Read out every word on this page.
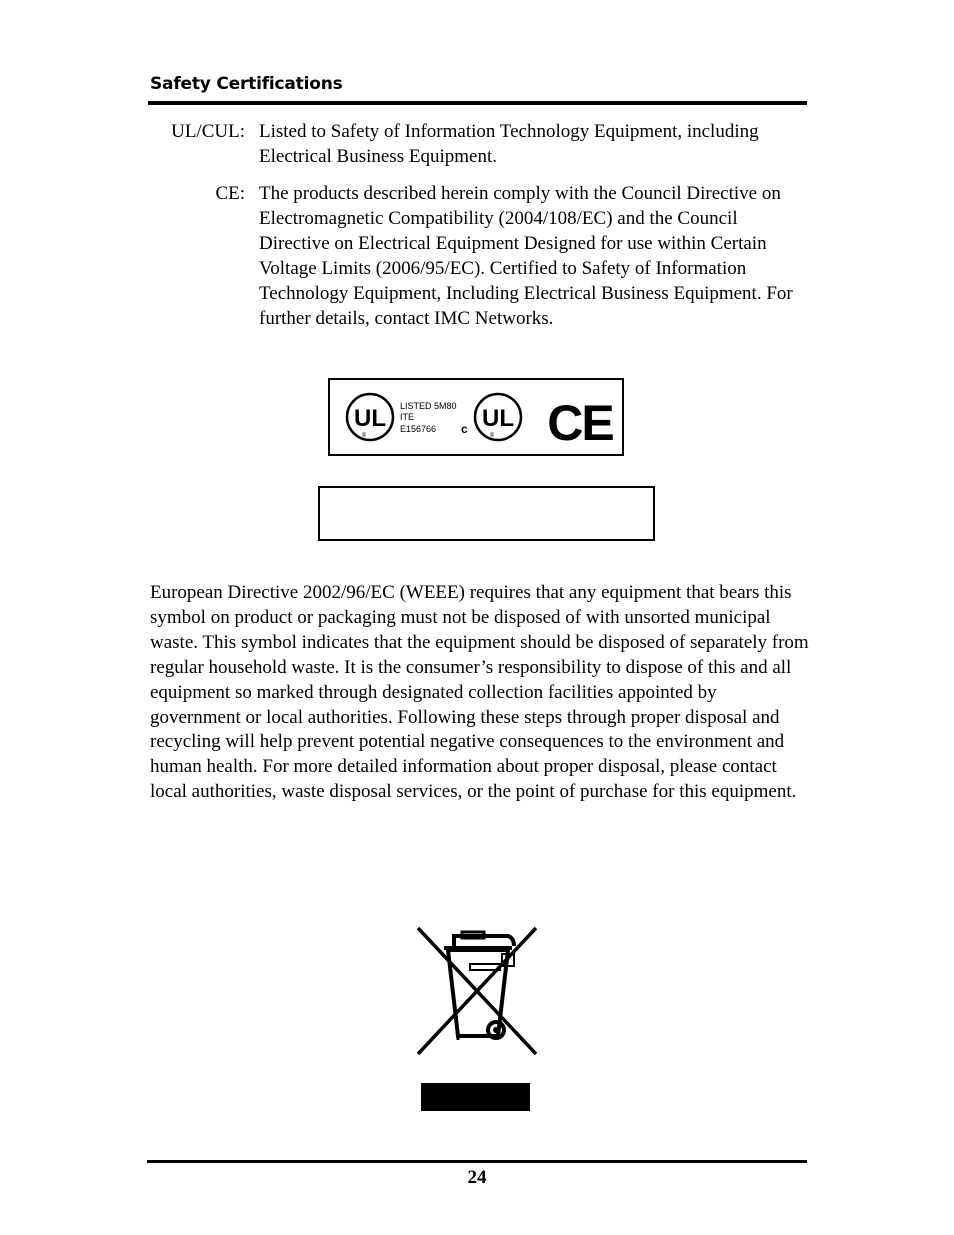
Safety Certifications
UL/CUL: Listed to Safety of Information Technology Equipment, including Electrical Business Equipment.
CE: The products described herein comply with the Council Directive on Electromagnetic Compatibility (2004/108/EC) and the Council Directive on Electrical Equipment Designed for use within Certain Voltage Limits (2006/95/EC). Certified to Safety of Information Technology Equipment, Including Electrical Business Equipment. For further details, contact IMC Networks.
UL
®
LISTED 5M80
ITE
E156766 c UL
® CE
European Directive 2002/96/EC (WEEE) requires that any equipment that bears this symbol on product or packaging must not be disposed of with unsorted municipal waste. This symbol indicates that the equipment should be disposed of separately from regular household waste. It is the consumer’s responsibility to dispose of this and all equipment so marked through designated collection facilities appointed by government or local authorities. Following these steps through proper disposal and recycling will help prevent potential negative consequences to the environment and human health. For more detailed information about proper disposal, please contact local authorities, waste disposal services, or the point of purchase for this equipment.
24
